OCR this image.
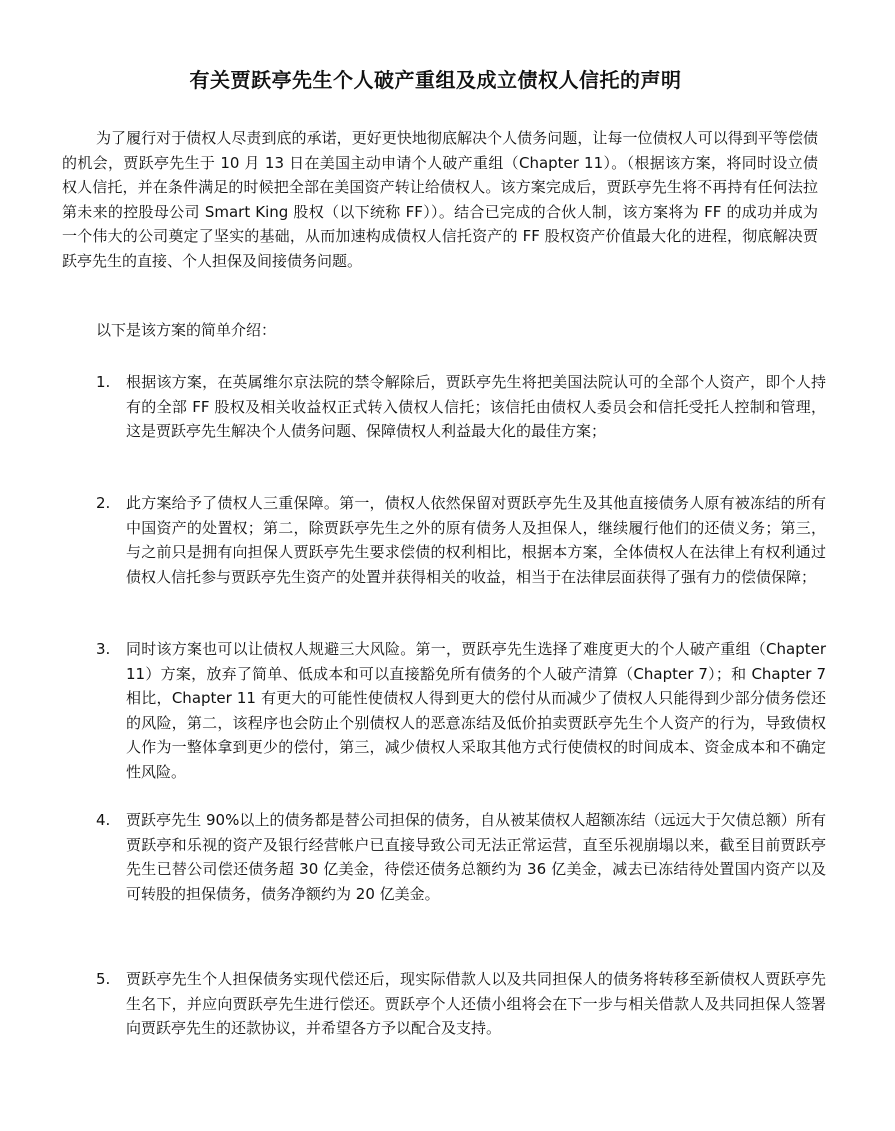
有关贾跃亭先生个人破产重组及成立债权人信托的声明
为了履行对于债权人尽责到底的承诺，更好更快地彻底解决个人债务问题，让每一位债权人可以得到平等偿债的机会，贾跃亭先生于 10 月 13 日在美国主动申请个人破产重组（Chapter 11）。（根据该方案，将同时设立债权人信托，并在条件满足的时候把全部在美国资产转让给债权人。该方案完成后，贾跃亭先生将不再持有任何法拉第未来的控股母公司 Smart King 股权（以下统称 FF））。结合已完成的合伙人制，该方案将为 FF 的成功并成为一个伟大的公司奠定了坚实的基础，从而加速构成债权人信托资产的 FF 股权资产价值最大化的进程，彻底解决贾跃亭先生的直接、个人担保及间接债务问题。
以下是该方案的简单介绍：
1.	根据该方案，在英属维尔京法院的禁令解除后，贾跃亭先生将把美国法院认可的全部个人资产，即个人持有的全部 FF 股权及相关收益权正式转入债权人信托；该信托由债权人委员会和信托受托人控制和管理，这是贾跃亭先生解决个人债务问题、保障债权人利益最大化的最佳方案；
2.	此方案给予了债权人三重保障。第一，债权人依然保留对贾跃亭先生及其他直接债务人原有被冻结的所有中国资产的处置权；第二，除贾跃亭先生之外的原有债务人及担保人，继续履行他们的还债义务；第三，与之前只是拥有向担保人贾跃亭先生要求偿债的权利相比，根据本方案，全体债权人在法律上有权利通过债权人信托参与贾跃亭先生资产的处置并获得相关的收益，相当于在法律层面获得了强有力的偿债保障；
3.	同时该方案也可以让债权人规避三大风险。第一，贾跃亭先生选择了难度更大的个人破产重组（Chapter 11）方案，放弃了简单、低成本和可以直接豁免所有债务的个人破产清算（Chapter 7）；和 Chapter 7 相比，Chapter 11 有更大的可能性使债权人得到更大的偿付从而减少了债权人只能得到少部分债务偿还的风险，第二，该程序也会防止个别债权人的恶意冻结及低价拍卖贾跃亭先生个人资产的行为，导致债权人作为一整体拿到更少的偿付，第三，减少债权人采取其他方式行使债权的时间成本、资金成本和不确定性风险。
4.	贾跃亭先生 90%以上的债务都是替公司担保的债务，自从被某债权人超额冻结（远远大于欠债总额）所有贾跃亭和乐视的资产及银行经营帐户已直接导致公司无法正常运营，直至乐视崩塌以来，截至目前贾跃亭先生已替公司偿还债务超 30 亿美金，待偿还债务总额约为 36 亿美金，减去已冻结待处置国内资产以及可转股的担保债务，债务净额约为 20 亿美金。
5.	贾跃亭先生个人担保债务实现代偿还后，现实际借款人以及共同担保人的债务将转移至新债权人贾跃亭先生名下，并应向贾跃亭先生进行偿还。贾跃亭个人还债小组将会在下一步与相关借款人及共同担保人签署向贾跃亭先生的还款协议，并希望各方予以配合及支持。
